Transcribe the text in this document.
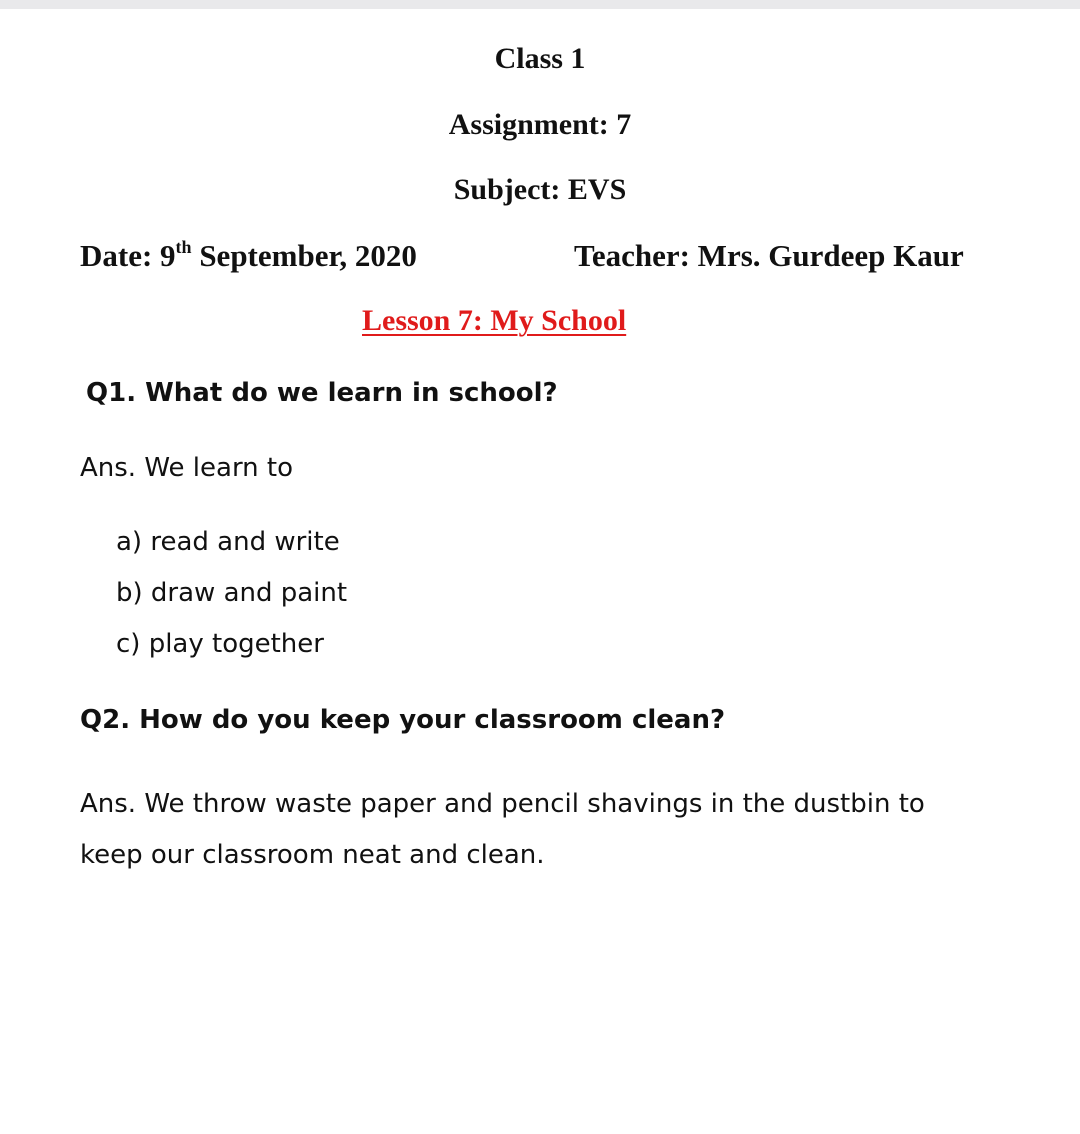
Class 1
Assignment: 7
Subject: EVS
Date: 9th September, 2020	Teacher: Mrs. Gurdeep Kaur
Lesson 7: My School
Q1. What do we learn in school?
Ans. We learn to
a) read and write
b) draw and paint
c) play together
Q2. How do you keep your classroom clean?
Ans. We throw waste paper and pencil shavings in the dustbin to keep our classroom neat and clean.
